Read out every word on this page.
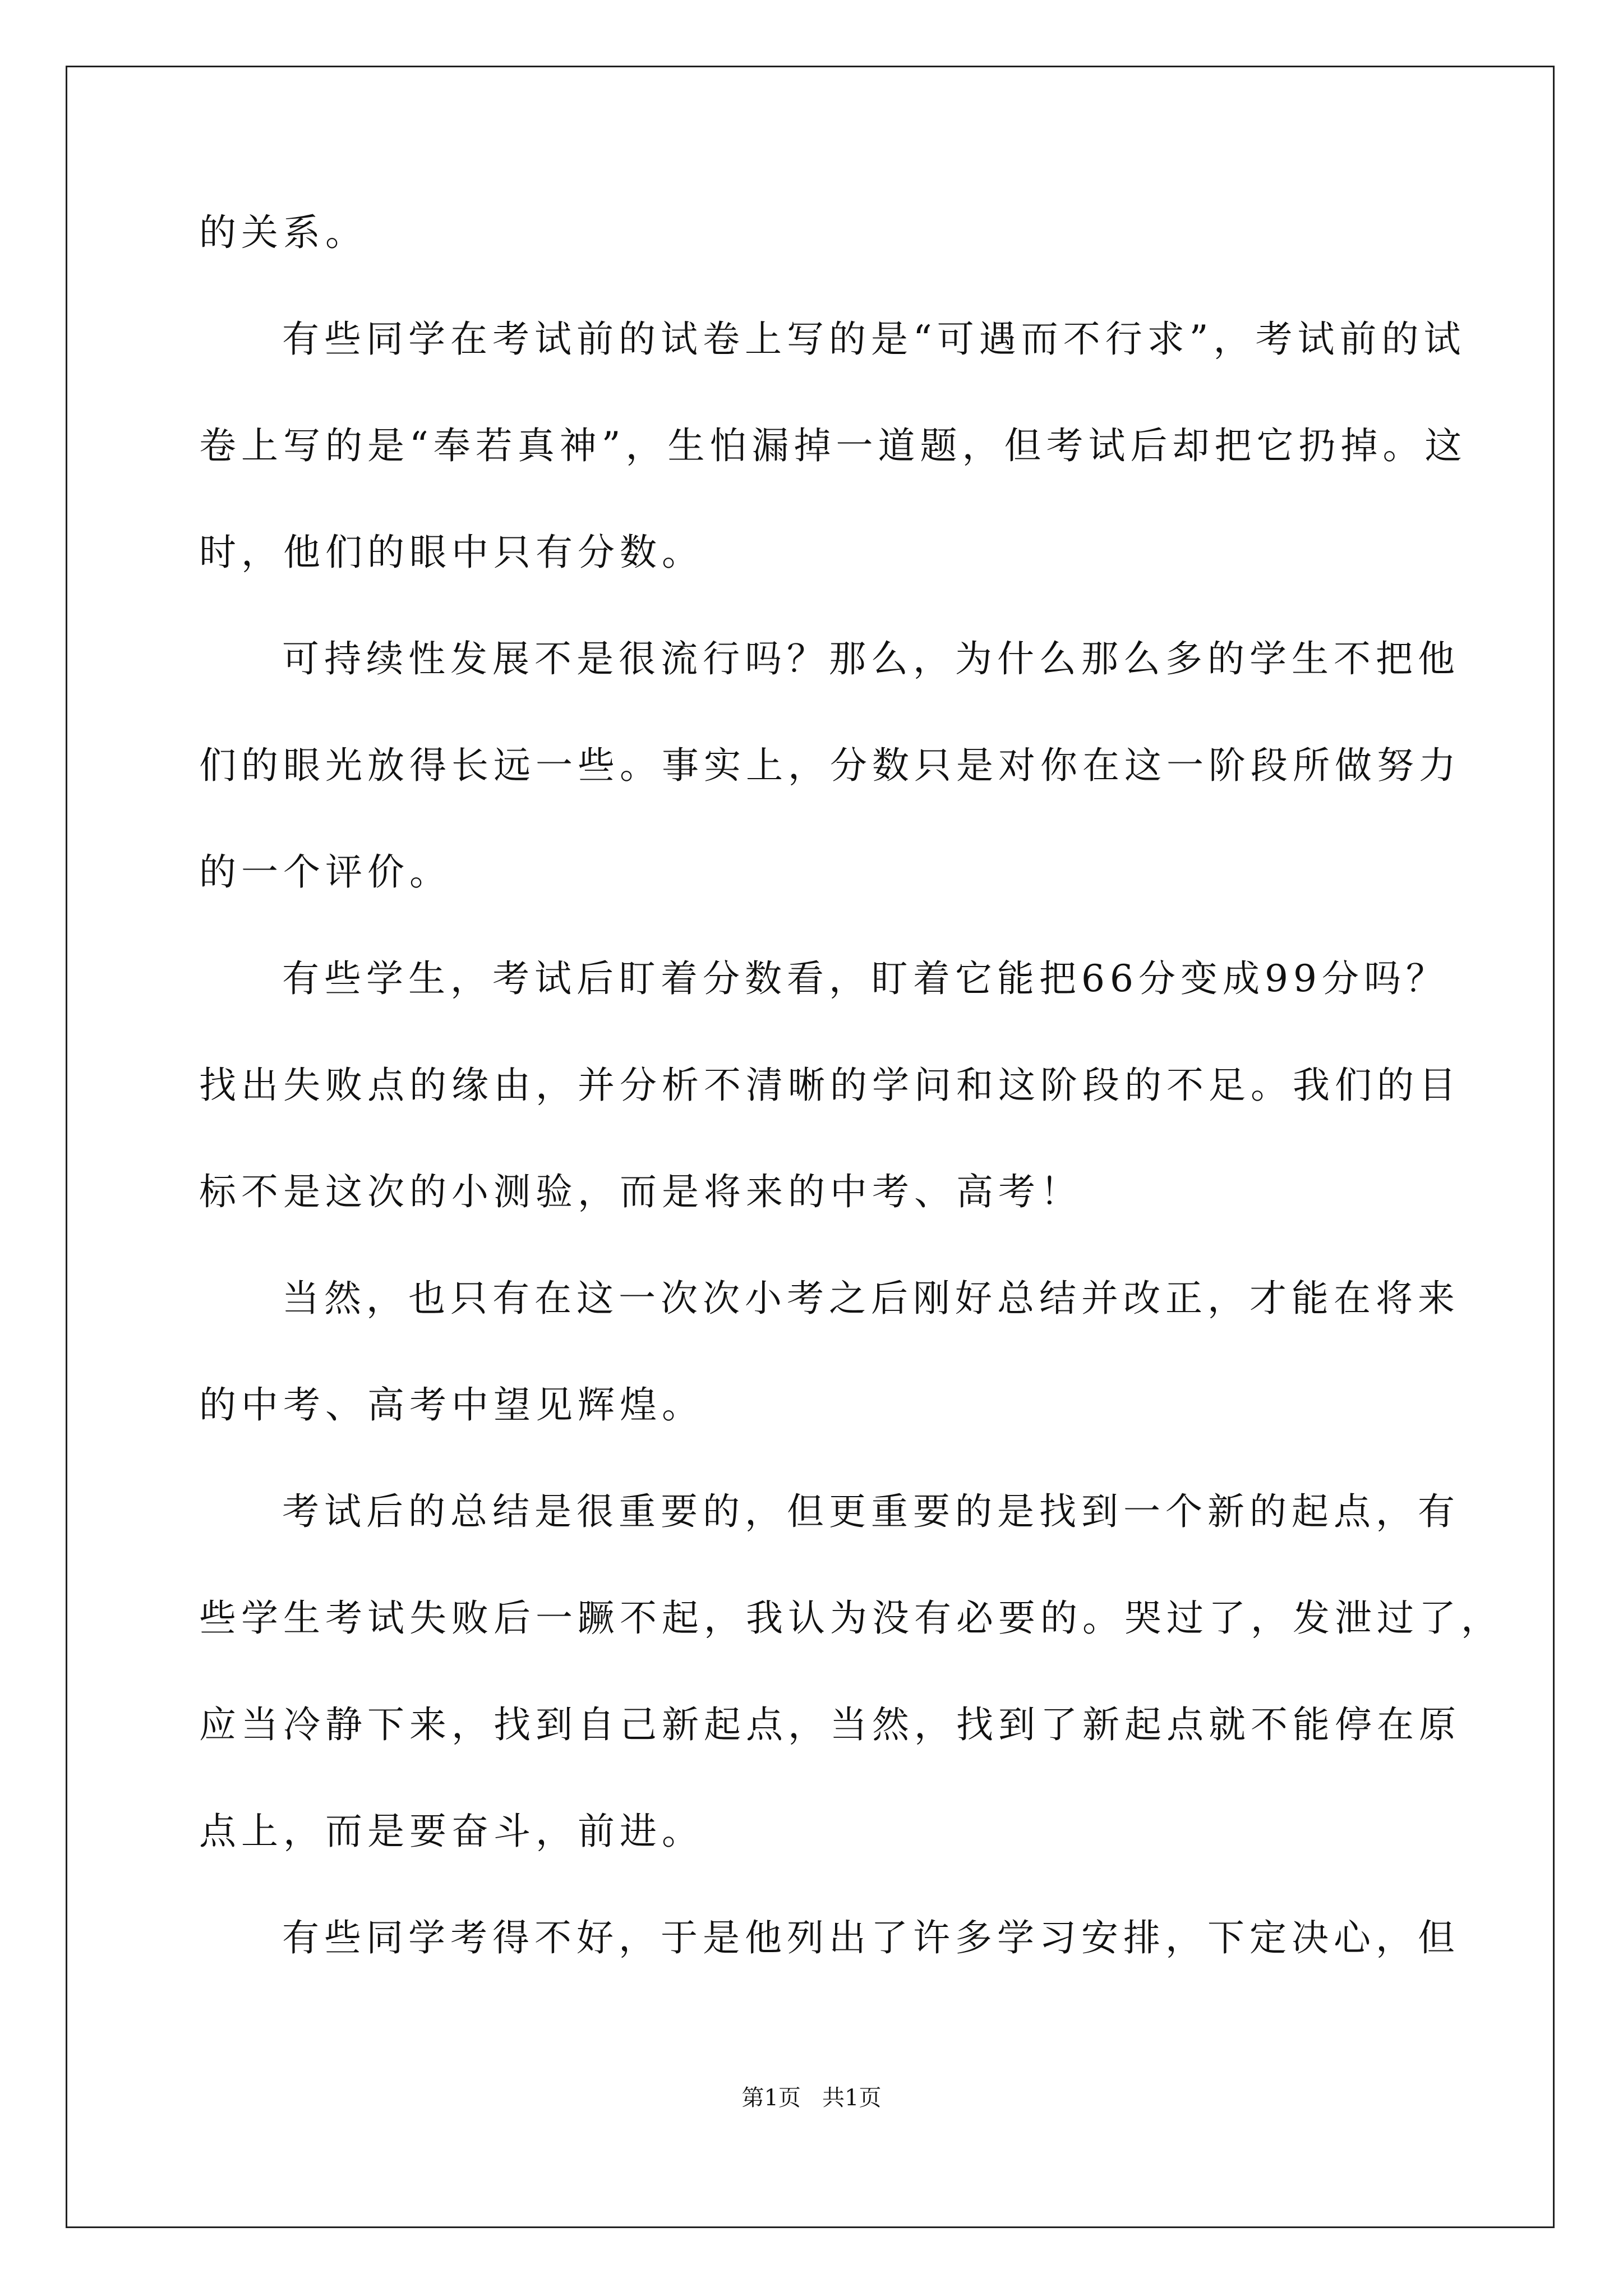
的关系。
有些同学在考试前的试卷上写的是“可遇而不行求”，考试前的试
卷上写的是“奉若真神”，生怕漏掉一道题，但考试后却把它扔掉。这
时，他们的眼中只有分数。
可持续性发展不是很流行吗？那么，为什么那么多的学生不把他
们的眼光放得长远一些。事实上，分数只是对你在这一阶段所做努力
的一个评价。
有些学生，考试后盯着分数看，盯着它能把66分变成99分吗？
找出失败点的缘由，并分析不清晰的学问和这阶段的不足。我们的目
标不是这次的小测验，而是将来的中考、高考！
当然，也只有在这一次次小考之后刚好总结并改正，才能在将来
的中考、高考中望见辉煌。
考试后的总结是很重要的，但更重要的是找到一个新的起点，有
些学生考试失败后一蹶不起，我认为没有必要的。哭过了，发泄过了，
应当冷静下来，找到自己新起点，当然，找到了新起点就不能停在原
点上，而是要奋斗，前进。
有些同学考得不好，于是他列出了许多学习安排，下定决心，但
第1页   共1页
